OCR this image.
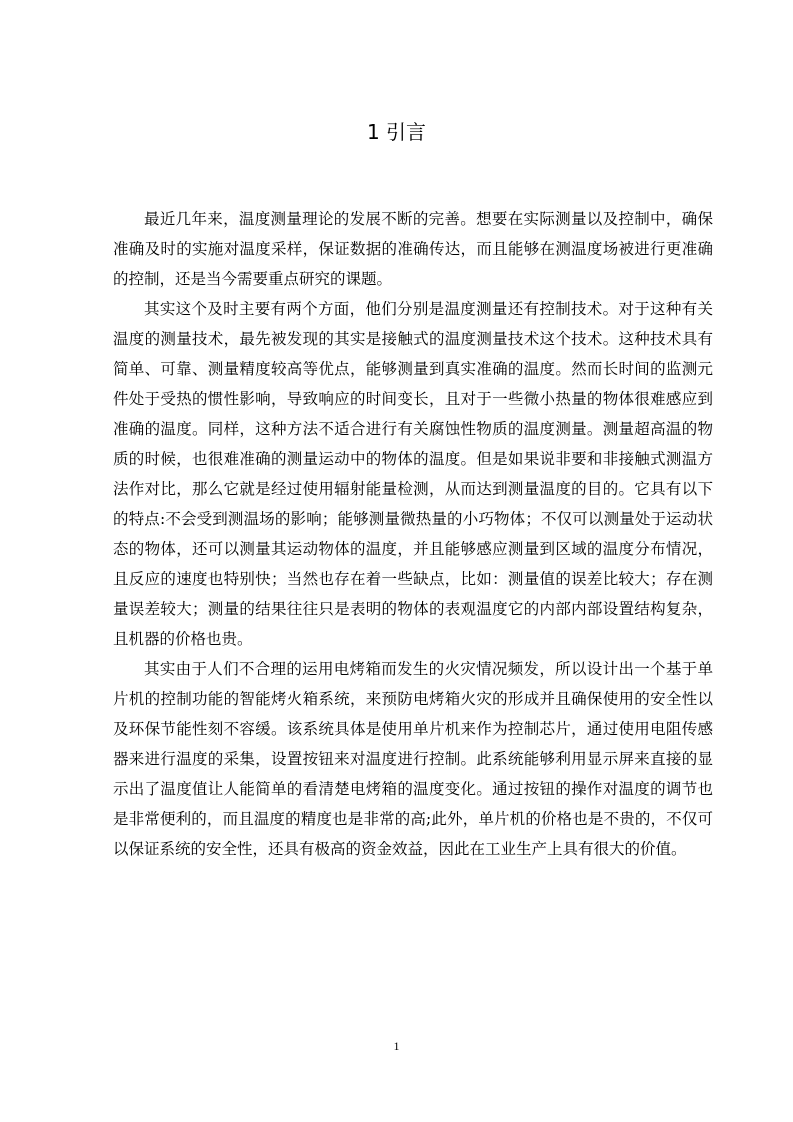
1 引言

最近几年来，温度测量理论的发展不断的完善。想要在实际测量以及控制中，确保准确及时的实施对温度采样，保证数据的准确传达，而且能够在测温度场被进行更准确的控制，还是当今需要重点研究的课题。

其实这个及时主要有两个方面，他们分别是温度测量还有控制技术。对于这种有关温度的测量技术，最先被发现的其实是接触式的温度测量技术这个技术。这种技术具有简单、可靠、测量精度较高等优点，能够测量到真实准确的温度。然而长时间的监测元件处于受热的惯性影响，导致响应的时间变长，且对于一些微小热量的物体很难感应到准确的温度。同样，这种方法不适合进行有关腐蚀性物质的温度测量。测量超高温的物质的时候，也很难准确的测量运动中的物体的温度。但是如果说非要和非接触式测温方法作对比，那么它就是经过使用辐射能量检测，从而达到测量温度的目的。它具有以下的特点:不会受到测温场的影响；能够测量微热量的小巧物体；不仅可以测量处于运动状态的物体，还可以测量其运动物体的温度，并且能够感应测量到区域的温度分布情况，且反应的速度也特别快；当然也存在着一些缺点，比如：测量值的误差比较大；存在测量误差较大；测量的结果往往只是表明的物体的表观温度它的内部内部设置结构复杂，且机器的价格也贵。

其实由于人们不合理的运用电烤箱而发生的火灾情况频发，所以设计出一个基于单片机的控制功能的智能烤火箱系统，来预防电烤箱火灾的形成并且确保使用的安全性以及环保节能性刻不容缓。该系统具体是使用单片机来作为控制芯片，通过使用电阻传感器来进行温度的采集，设置按钮来对温度进行控制。此系统能够利用显示屏来直接的显示出了温度值让人能简单的看清楚电烤箱的温度变化。通过按钮的操作对温度的调节也是非常便利的，而且温度的精度也是非常的高;此外，单片机的价格也是不贵的，不仅可以保证系统的安全性，还具有极高的资金效益，因此在工业生产上具有很大的价值。

1
